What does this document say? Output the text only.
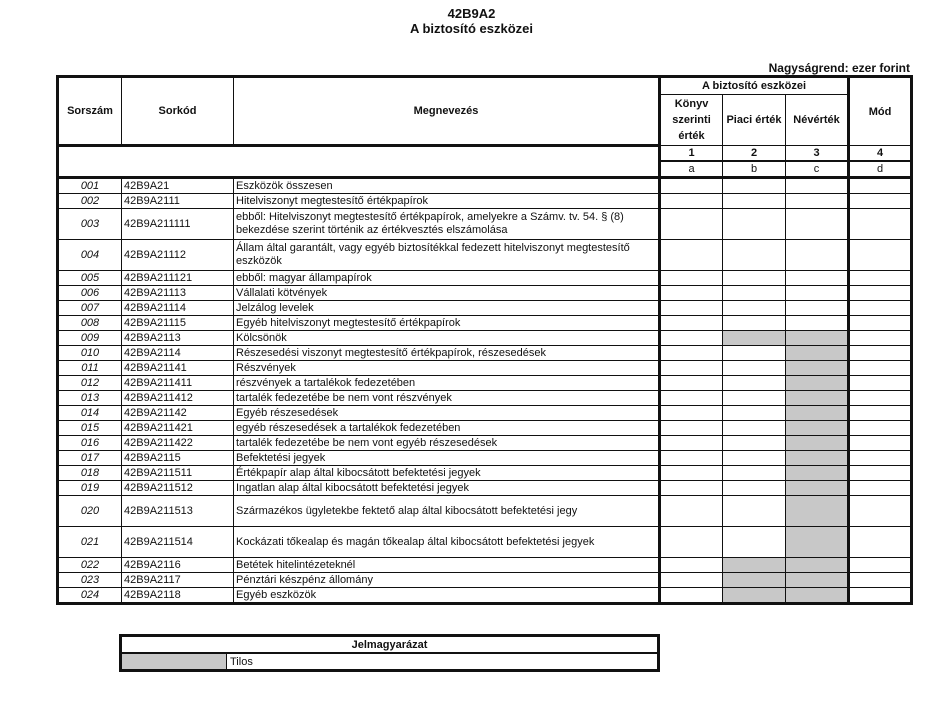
42B9A2
A biztosító eszközei
Nagyságrend: ezer forint
Sorszám	Sorkód	Megnevezés	A biztosító eszközei			Mód
			Könyv szerinti érték	Piaci érték	Névérték	
			1	2	3	4
			a	b	c	d
001	42B9A21	Eszközök összesen				
002	42B9A2111	Hitelviszonyt megtestesítő értékpapírok				
003	42B9A211111	ebből: Hitelviszonyt megtestesítő értékpapírok, amelyekre a Számv. tv. 54. § (8) bekezdése szerint történik az értékvesztés elszámolása				
004	42B9A21112	Állam által garantált, vagy egyéb biztosítékkal fedezett hitelviszonyt megtestesítő eszközök				
005	42B9A211121	ebből: magyar állampapírok				
006	42B9A21113	Vállalati kötvények				
007	42B9A21114	Jelzálog levelek				
008	42B9A21115	Egyéb hitelviszonyt megtestesítő értékpapírok				
009	42B9A2113	Kölcsönök				
010	42B9A2114	Részesedési viszonyt megtestesítő értékpapírok, részesedések				
011	42B9A21141	Részvények				
012	42B9A211411	részvények a tartalékok fedezetében				
013	42B9A211412	tartalék fedezetébe be nem vont részvények				
014	42B9A21142	Egyéb részesedések				
015	42B9A211421	egyéb részesedések a tartalékok fedezetében				
016	42B9A211422	tartalék fedezetébe be nem vont egyéb részesedések				
017	42B9A2115	Befektetési jegyek				
018	42B9A211511	Értékpapír alap által kibocsátott befektetési jegyek				
019	42B9A211512	Ingatlan alap által kibocsátott befektetési jegyek				
020	42B9A211513	Származékos ügyletekbe fektető alap által kibocsátott befektetési jegy				
021	42B9A211514	Kockázati tőkealap és magán tőkealap által kibocsátott befektetési jegyek				
022	42B9A2116	Betétek hitelintézeteknél				
023	42B9A2117	Pénztári készpénz állomány				
024	42B9A2118	Egyéb eszközök				
Jelmagyarázat
	Tilos
